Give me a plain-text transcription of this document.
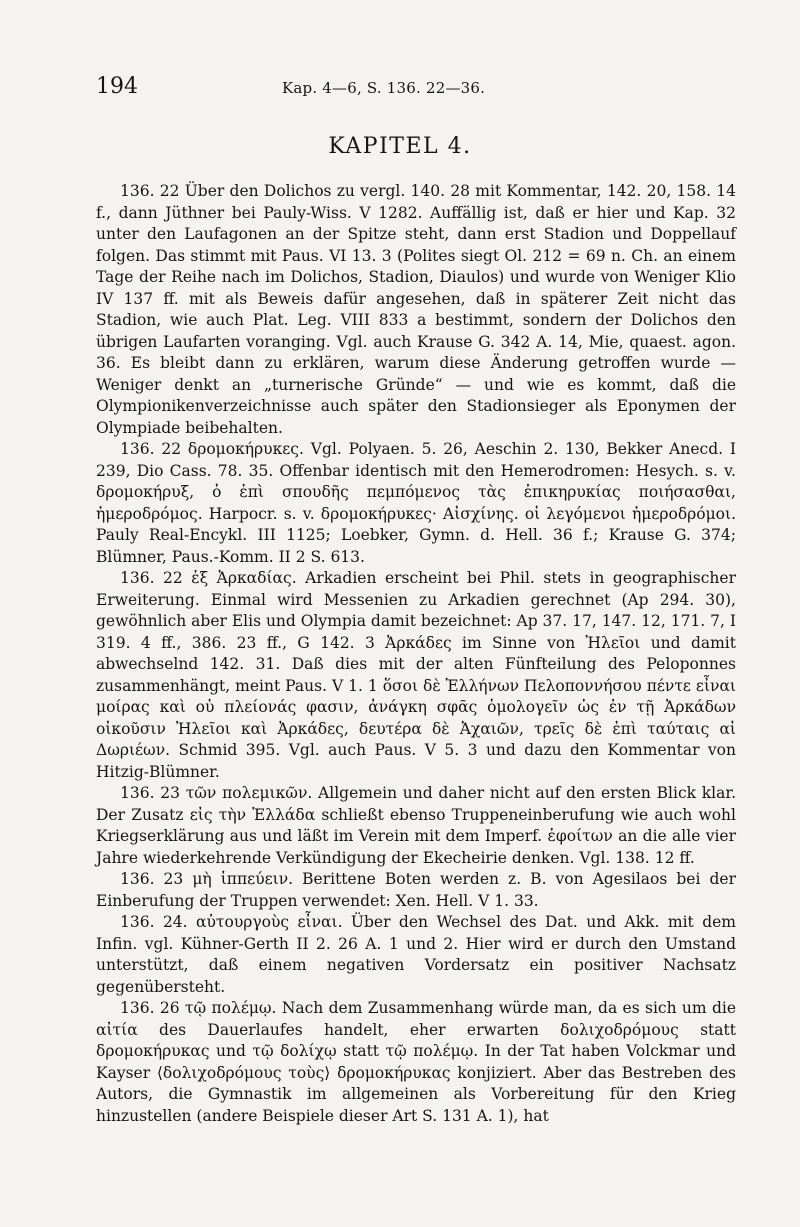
194	Kap. 4—6, S. 136. 22—36.
KAPITEL 4.

136. 22 Über den Dolichos zu vergl. 140. 28 mit Kommentar, 142. 20, 158. 14 f., dann Jüthner bei Pauly-Wiss. V 1282. Auffällig ist, daß er hier und Kap. 32 unter den Laufagonen an der Spitze steht, dann erst Stadion und Doppellauf folgen. Das stimmt mit Paus. VI 13. 3 (Polites siegt Ol. 212 = 69 n. Ch. an einem Tage der Reihe nach im Dolichos, Stadion, Diaulos) und wurde von Weniger Klio IV 137 ff. mit als Beweis dafür angesehen, daß in späterer Zeit nicht das Stadion, wie auch Plat. Leg. VIII 833 a bestimmt, sondern der Dolichos den übrigen Laufarten voranging. Vgl. auch Krause G. 342 A. 14, Mie, quaest. agon. 36. Es bleibt dann zu erklären, warum diese Änderung getroffen wurde — Weniger denkt an „turnerische Gründe“ — und wie es kommt, daß die Olympionikenverzeichnisse auch später den Stadionsieger als Eponymen der Olympiade beibehalten.

136. 22 δρομοκήρυκες. Vgl. Polyaen. 5. 26, Aeschin 2. 130, Bekker Anecd. I 239, Dio Cass. 78. 35. Offenbar identisch mit den Hemerodromen: Hesych. s. v. δρομοκήρυξ, ὁ ἐπὶ σπουδῆς πεμπόμενος τὰς ἐπικηρυκίας ποιήσασθαι, ἡμεροδρόμος. Harpocr. s. v. δρομοκήρυκες· Αἰσχίνης. οἱ λεγόμενοι ἡμεροδρόμοι. Pauly Real-Encykl. III 1125; Loebker, Gymn. d. Hell. 36 f.; Krause G. 374; Blümner, Paus.-Komm. II 2 S. 613.

136. 22 ἐξ Ἀρκαδίας. Arkadien erscheint bei Phil. stets in geographischer Erweiterung. Einmal wird Messenien zu Arkadien gerechnet (Ap 294. 30), gewöhnlich aber Elis und Olympia damit bezeichnet: Ap 37. 17, 147. 12, 171. 7, I 319. 4 ff., 386. 23 ff., G 142. 3 Ἀρκάδες im Sinne von Ἠλεῖοι und damit abwechselnd 142. 31. Daß dies mit der alten Fünfteilung des Peloponnes zusammenhängt, meint Paus. V 1. 1 ὅσοι δὲ Ἑλλήνων Πελοποννήσου πέντε εἶναι μοίρας καὶ οὐ πλείονάς φασιν, ἀνάγκη σφᾶς ὁμολογεῖν ὡς ἐν τῇ Ἀρκάδων οἰκοῦσιν Ἠλεῖοι καὶ Ἀρκάδες, δευτέρα δὲ Ἀχαιῶν, τρεῖς δὲ ἐπὶ ταύταις αἱ Δωριέων. Schmid 395. Vgl. auch Paus. V 5. 3 und dazu den Kommentar von Hitzig-Blümner.

136. 23 τῶν πολεμικῶν. Allgemein und daher nicht auf den ersten Blick klar. Der Zusatz εἰς τὴν Ἑλλάδα schließt ebenso Truppeneinberufung wie auch wohl Kriegserklärung aus und läßt im Verein mit dem Imperf. ἐφοίτων an die alle vier Jahre wiederkehrende Verkündigung der Ekecheirie denken. Vgl. 138. 12 ff.

136. 23 μὴ ἱππεύειν. Berittene Boten werden z. B. von Agesilaos bei der Einberufung der Truppen verwendet: Xen. Hell. V 1. 33.

136. 24. αὐτουργοὺς εἶναι. Über den Wechsel des Dat. und Akk. mit dem Infin. vgl. Kühner-Gerth II 2. 26 A. 1 und 2. Hier wird er durch den Umstand unterstützt, daß einem negativen Vordersatz ein positiver Nachsatz gegenübersteht.

136. 26 τῷ πολέμῳ. Nach dem Zusammenhang würde man, da es sich um die αἰτία des Dauerlaufes handelt, eher erwarten δολιχοδρόμους statt δρομοκήρυκας und τῷ δολίχῳ statt τῷ πολέμῳ. In der Tat haben Volckmar und Kayser ⟨δολιχοδρόμους τοὺς⟩ δρομοκήρυκας konjiziert. Aber das Bestreben des Autors, die Gymnastik im allgemeinen als Vorbereitung für den Krieg hinzustellen (andere Beispiele dieser Art S. 131 A. 1), hat
